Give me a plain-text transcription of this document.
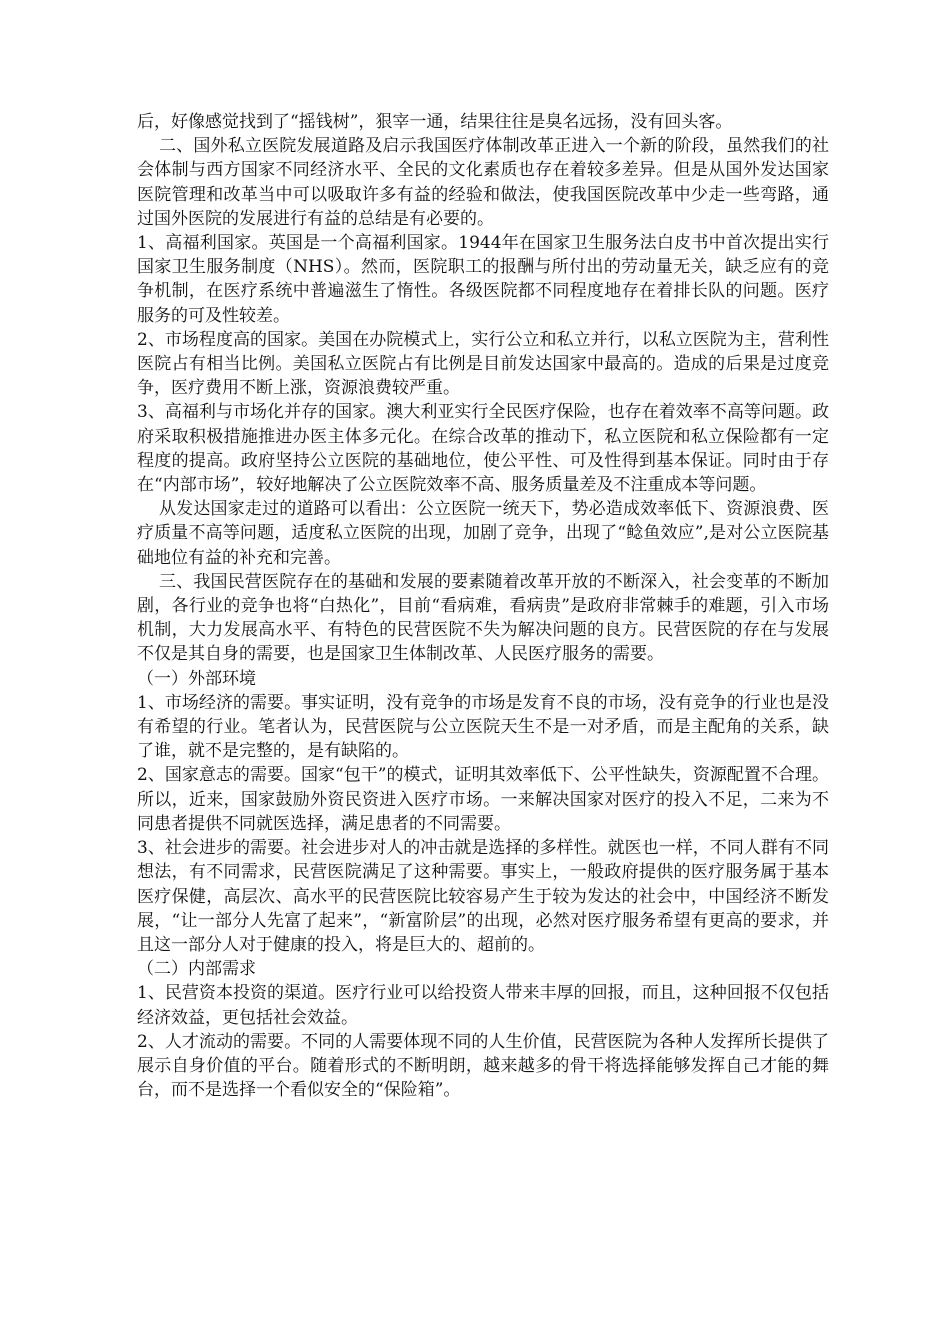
后，好像感觉找到了“摇钱树”，狠宰一通，结果往往是臭名远扬，没有回头客。

二、国外私立医院发展道路及启示我国医疗体制改革正进入一个新的阶段，虽然我们的社会体制与西方国家不同经济水平、全民的文化素质也存在着较多差异。但是从国外发达国家医院管理和改革当中可以吸取许多有益的经验和做法，使我国医院改革中少走一些弯路，通过国外医院的发展进行有益的总结是有必要的。

1、高福利国家。英国是一个高福利国家。1944年在国家卫生服务法白皮书中首次提出实行国家卫生服务制度（NHS）。然而，医院职工的报酬与所付出的劳动量无关，缺乏应有的竞争机制，在医疗系统中普遍滋生了惰性。各级医院都不同程度地存在着排长队的问题。医疗服务的可及性较差。

2、市场程度高的国家。美国在办院模式上，实行公立和私立并行，以私立医院为主，营利性医院占有相当比例。美国私立医院占有比例是目前发达国家中最高的。造成的后果是过度竞争，医疗费用不断上涨，资源浪费较严重。

3、高福利与市场化并存的国家。澳大利亚实行全民医疗保险，也存在着效率不高等问题。政府采取积极措施推进办医主体多元化。在综合改革的推动下，私立医院和私立保险都有一定程度的提高。政府坚持公立医院的基础地位，使公平性、可及性得到基本保证。同时由于存在“内部市场”，较好地解决了公立医院效率不高、服务质量差及不注重成本等问题。

从发达国家走过的道路可以看出：公立医院一统天下，势必造成效率低下、资源浪费、医疗质量不高等问题，适度私立医院的出现，加剧了竞争，出现了“鲶鱼效应”,是对公立医院基础地位有益的补充和完善。

三、我国民营医院存在的基础和发展的要素随着改革开放的不断深入，社会变革的不断加剧，各行业的竞争也将“白热化”，目前“看病难，看病贵”是政府非常棘手的难题，引入市场机制，大力发展高水平、有特色的民营医院不失为解决问题的良方。民营医院的存在与发展不仅是其自身的需要，也是国家卫生体制改革、人民医疗服务的需要。

（一）外部环境

1、市场经济的需要。事实证明，没有竞争的市场是发育不良的市场，没有竞争的行业也是没有希望的行业。笔者认为，民营医院与公立医院天生不是一对矛盾，而是主配角的关系，缺了谁，就不是完整的，是有缺陷的。

2、国家意志的需要。国家“包干”的模式，证明其效率低下、公平性缺失，资源配置不合理。所以，近来，国家鼓励外资民资进入医疗市场。一来解决国家对医疗的投入不足，二来为不同患者提供不同就医选择，满足患者的不同需要。

3、社会进步的需要。社会进步对人的冲击就是选择的多样性。就医也一样，不同人群有不同想法，有不同需求，民营医院满足了这种需要。事实上，一般政府提供的医疗服务属于基本医疗保健，高层次、高水平的民营医院比较容易产生于较为发达的社会中，中国经济不断发展，“让一部分人先富了起来”，“新富阶层”的出现，必然对医疗服务希望有更高的要求，并且这一部分人对于健康的投入，将是巨大的、超前的。

（二）内部需求

1、民营资本投资的渠道。医疗行业可以给投资人带来丰厚的回报，而且，这种回报不仅包括经济效益，更包括社会效益。

2、人才流动的需要。不同的人需要体现不同的人生价值，民营医院为各种人发挥所长提供了展示自身价值的平台。随着形式的不断明朗，越来越多的骨干将选择能够发挥自己才能的舞台，而不是选择一个看似安全的“保险箱”。
